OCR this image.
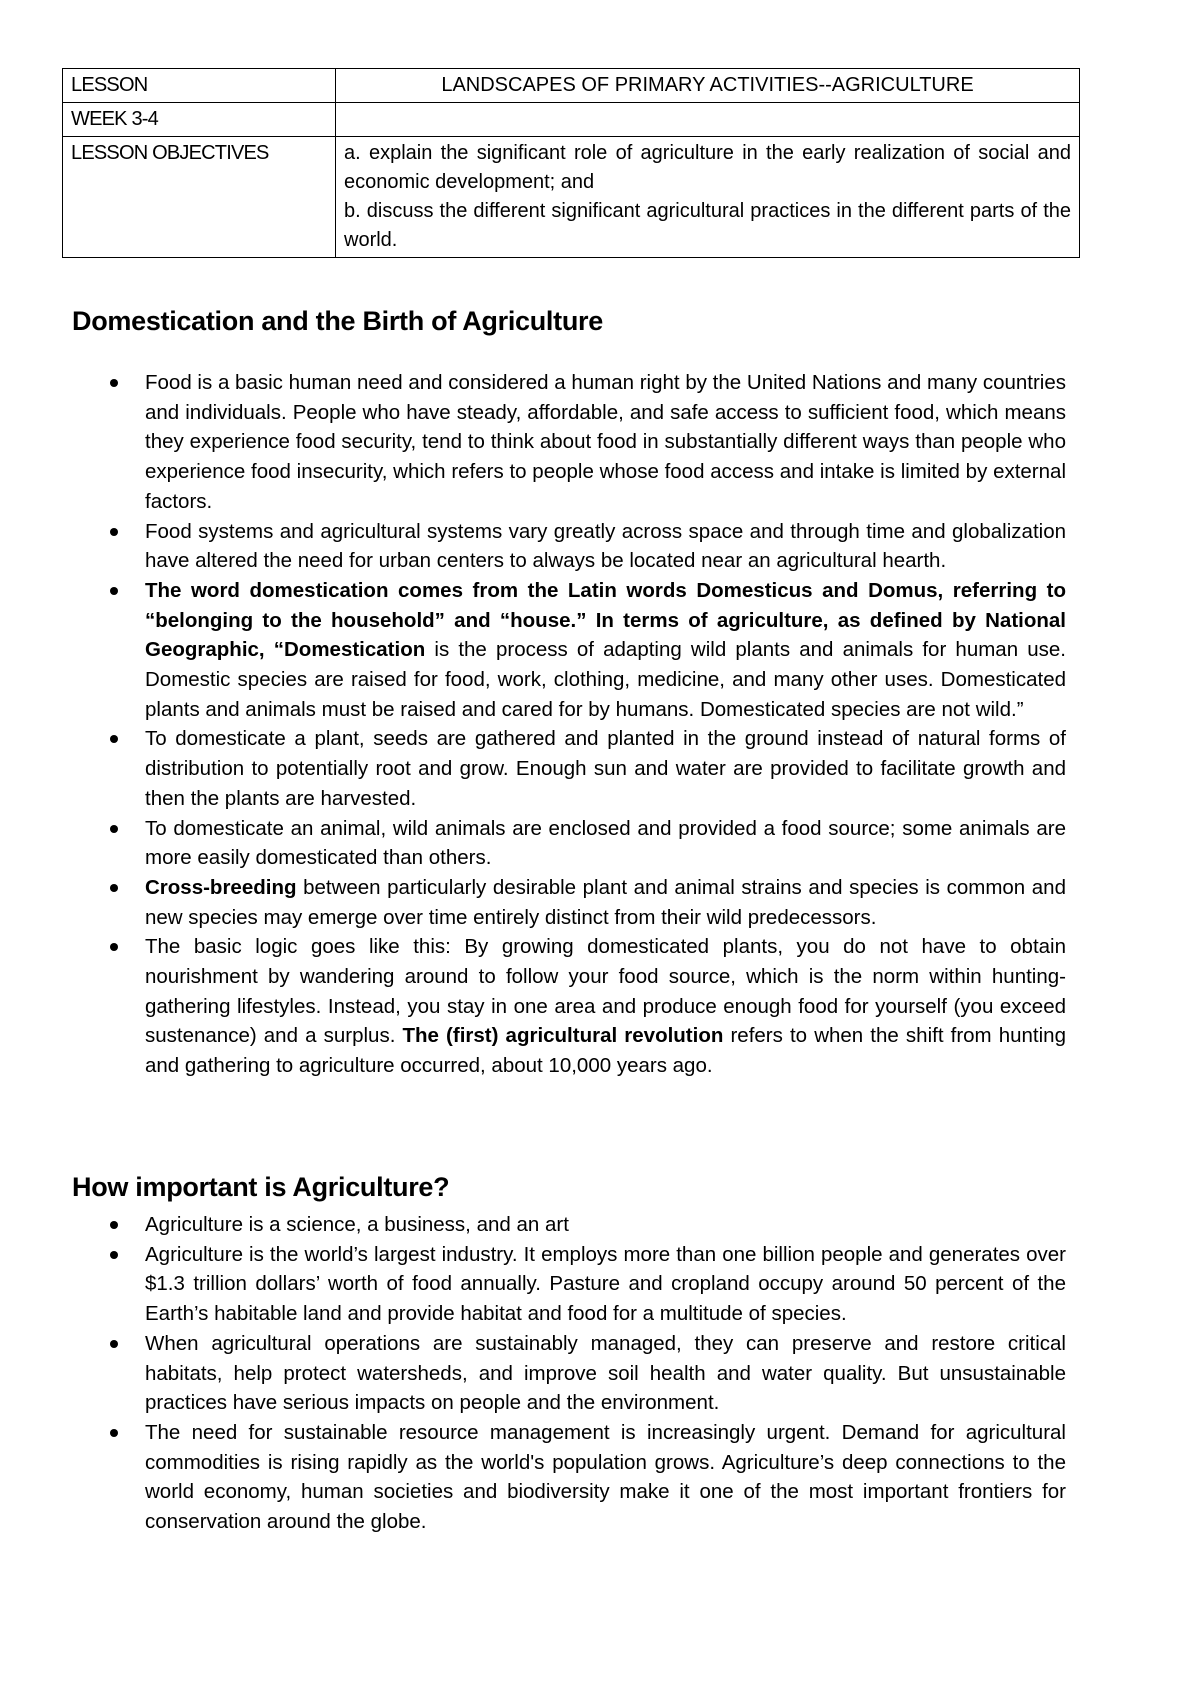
LESSON	LANDSCAPES OF PRIMARY ACTIVITIES--AGRICULTURE
WEEK 3-4	
LESSON OBJECTIVES	a. explain the significant role of agriculture in the early realization of social and economic development; and
b. discuss the different significant agricultural practices in the different parts of the world.
Domestication and the Birth of Agriculture
Food is a basic human need and considered a human right by the United Nations and many countries and individuals. People who have steady, affordable, and safe access to sufficient food, which means they experience food security, tend to think about food in substantially different ways than people who experience food insecurity, which refers to people whose food access and intake is limited by external factors.
Food systems and agricultural systems vary greatly across space and through time and globalization have altered the need for urban centers to always be located near an agricultural hearth.
The word domestication comes from the Latin words Domesticus and Domus, referring to “belonging to the household” and “house.” In terms of agriculture, as defined by National Geographic, “Domestication is the process of adapting wild plants and animals for human use. Domestic species are raised for food, work, clothing, medicine, and many other uses. Domesticated plants and animals must be raised and cared for by humans. Domesticated species are not wild.”
To domesticate a plant, seeds are gathered and planted in the ground instead of natural forms of distribution to potentially root and grow. Enough sun and water are provided to facilitate growth and then the plants are harvested.
To domesticate an animal, wild animals are enclosed and provided a food source; some animals are more easily domesticated than others.
Cross-breeding between particularly desirable plant and animal strains and species is common and new species may emerge over time entirely distinct from their wild predecessors.
The basic logic goes like this: By growing domesticated plants, you do not have to obtain nourishment by wandering around to follow your food source, which is the norm within hunting-gathering lifestyles. Instead, you stay in one area and produce enough food for yourself (you exceed sustenance) and a surplus. The (first) agricultural revolution refers to when the shift from hunting and gathering to agriculture occurred, about 10,000 years ago.
How important is Agriculture?
Agriculture is a science, a business, and an art
Agriculture is the world’s largest industry. It employs more than one billion people and generates over $1.3 trillion dollars’ worth of food annually. Pasture and cropland occupy around 50 percent of the Earth’s habitable land and provide habitat and food for a multitude of species.
When agricultural operations are sustainably managed, they can preserve and restore critical habitats, help protect watersheds, and improve soil health and water quality. But unsustainable practices have serious impacts on people and the environment.
The need for sustainable resource management is increasingly urgent. Demand for agricultural commodities is rising rapidly as the world's population grows. Agriculture’s deep connections to the world economy, human societies and biodiversity make it one of the most important frontiers for conservation around the globe.
